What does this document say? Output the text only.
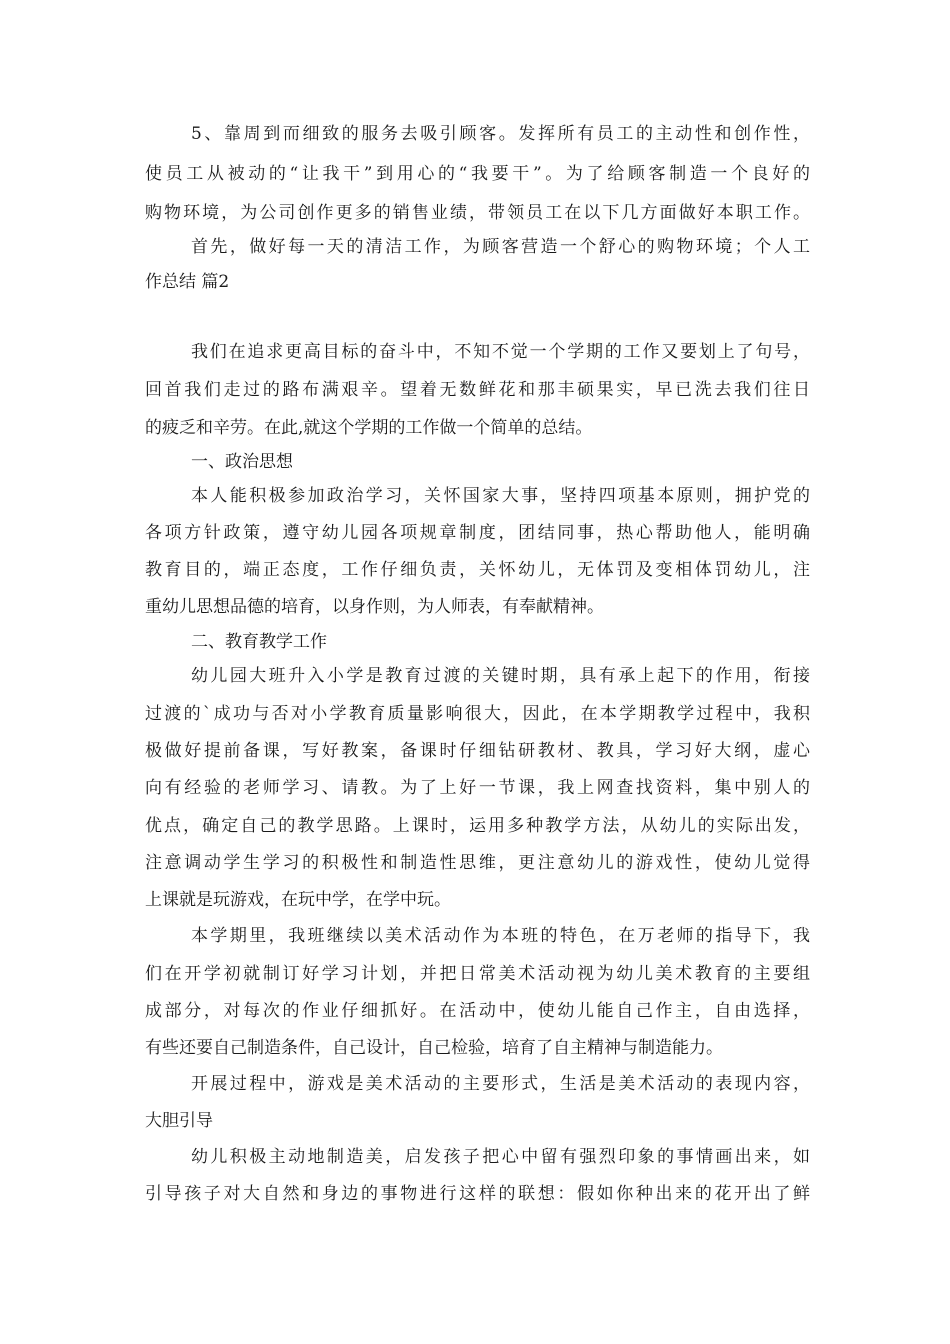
5、靠周到而细致的服务去吸引顾客。发挥所有员工的主动性和创作性，
使员工从被动的“让我干”到用心的“我要干”。为了给顾客制造一个良好的
购物环境，为公司创作更多的销售业绩，带领员工在以下几方面做好本职工作。
首先，做好每一天的清洁工作，为顾客营造一个舒心的购物环境；个人工
作总结 篇2
我们在追求更高目标的奋斗中，不知不觉一个学期的工作又要划上了句号，
回首我们走过的路布满艰辛。望着无数鲜花和那丰硕果实，早已洗去我们往日
的疲乏和辛劳。在此,就这个学期的工作做一个简单的总结。
一、政治思想
本人能积极参加政治学习，关怀国家大事，坚持四项基本原则，拥护党的
各项方针政策，遵守幼儿园各项规章制度，团结同事，热心帮助他人，能明确
教育目的，端正态度，工作仔细负责，关怀幼儿，无体罚及变相体罚幼儿，注
重幼儿思想品德的培育，以身作则，为人师表，有奉献精神。
二、教育教学工作
幼儿园大班升入小学是教育过渡的关键时期，具有承上起下的作用，衔接
过渡的`成功与否对小学教育质量影响很大，因此，在本学期教学过程中，我积
极做好提前备课，写好教案，备课时仔细钻研教材、教具，学习好大纲，虚心
向有经验的老师学习、请教。为了上好一节课，我上网查找资料，集中别人的
优点，确定自己的教学思路。上课时，运用多种教学方法，从幼儿的实际出发，
注意调动学生学习的积极性和制造性思维，更注意幼儿的游戏性，使幼儿觉得
上课就是玩游戏，在玩中学，在学中玩。
本学期里，我班继续以美术活动作为本班的特色，在万老师的指导下，我
们在开学初就制订好学习计划，并把日常美术活动视为幼儿美术教育的主要组
成部分，对每次的作业仔细抓好。在活动中，使幼儿能自己作主，自由选择，
有些还要自己制造条件，自己设计，自己检验，培育了自主精神与制造能力。
开展过程中，游戏是美术活动的主要形式，生活是美术活动的表现内容，
大胆引导
幼儿积极主动地制造美，启发孩子把心中留有强烈印象的事情画出来，如
引导孩子对大自然和身边的事物进行这样的联想：假如你种出来的花开出了鲜
